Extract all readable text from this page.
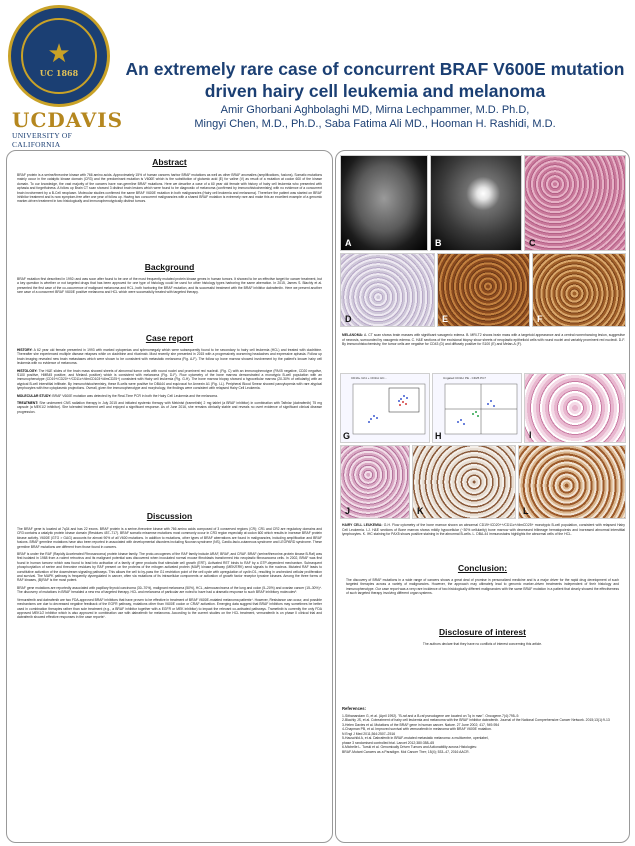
★
UC 1868
UCDAVIS
UNIVERSITY OF CALIFORNIA
An extremely rare case of concurrent BRAF V600E mutation
driven hairy cell leukemia and melanoma
Amir Ghorbani Aghbolaghi MD, Mirna Lechpammer, M.D. Ph.D,
Mingyi Chen, M.D., Ph.D., Saba Fatima Ali MD., Hooman H. Rashidi, M.D.

Abstract

BRAF protein is a serine/threonine kinase with 766 amino acids. Approximately 15% of human cancers harbor BRAF mutations as well as other BRAF anomalies (amplifications, fusions). Somatic mutations mainly occur in the catalytic kinase domain (CR3) and the predominant mutation is V600E which is the substitution of glutamic acid (E) for valine (V) as result of a mutation at codon 600 of the kinase domain. To our knowledge, the vast majority of the cancers have non-germline BRAF mutations. Here we describe a case of a 60 year old female with history of hairy cell leukemia who presented with aphasia and forgetfulness. A follow up Brain CT scan showed 3 distinct brain lesions which were found to be diagnostic of melanoma (confirmed by immunohistochemistry) with no evidence of a concurrent brain involvement by a B-Cell neoplasm. Molecular studies confirmed the same BRAF V600E mutation in both malignancies (Hairy cell leukemia and melanoma). Therefore the patient was started on BRAF inhibitor treatment and is now symptom-free after one year of follow up. Having two concurrent malignancies with a shared BRAF mutation is extremely rare and make this an excellent example of a genomic marker-driven treatment in two histologically and immunophenotypically distinct tumors.

Background

BRAF mutation first described in 1992¹ and was soon after found to be one of the most frequently mutated protein kinase genes in human tumors. It showed to be an effective target for cancer treatment, but a key question is whether or not targeted drugs that has been approved for one type of histology could be used for other histology types harboring the same aberration. In 2015, James S. Blachly et al. presented the first case of the co-occurrence of malignant melanoma and HCL, both harboring the BRAF mutation, and its successful treatment with the BRAF inhibitor dabrafenib². Here we present another rare case of a concurrent BRAF V600E positive melanoma and HCL which were successfully treated with targeted therapy.

Case report

HISTORY: A 62 year old female presented in 1993 with marked cytopenias and splenomegaly which were subsequently found to be secondary to hairy cell leukemia (HCL) and treated with cladribine. Thereafter she experienced multiple disease relapses while on cladribine and rituximab. Most recently she presented in 2015 with a progressively worsening headaches and expressive aphasia. Follow up brain imaging revealed new brain metastases which were shown to be consistent with metastatic melanoma (Fig. A-F). The follow up bone marrow showed involvement by the patient's known hairy cell leukemia with no evidence of melanoma.

HISTOLOGY: The H&E slides of the brain mass showed sheets of abnormal tumor cells with round nuclei and prominent red nucleoli. (Fig. C) with an immunophenotype (PAX5 negative, CD20 negative, S100 positive, HMB45 positive, and MelanA positive) which is consistent with melanoma (Fig. D-F). Flow cytometry of the bone marrow demonstrated a monotypic B-cell population with an immunophenotype (CD19+/CD20++/CD11c+/dimCD103+/dimCD25+) consistent with Hairy cell leukemia (Fig. G-H). The bone marrow biopsy showed a hypocellular marrow (20-30% of cellularity) with an atypical B-cell interstitial infiltrate. By immunohistochemistry, these B-cells were positive for DBA44 and equivocal for Annexin A1 (Fig. I-L). Peripheral Blood Smear showed pancytopenia with rare atypical lymphocytes with few cytoplasmic projections. Overall, given the immunophenotype and morphology, the findings were consistent with relapsed Hairy Cell Leukemia.

MOLECULAR STUDY: BRAF V600E mutation was detected by the Real-Time PCR in both the Hairy Cell Leukemia and the melanoma.

TREATMENT: She underwent CNS radiation therapy in July 2015 and initiated systemic therapy with Mekinist (trametinib) 2 mg tablet (a BRAF inhibitor) in combination with Tafinlar (dabrafenib) 75 mg capsule (a MEK1/2 inhibitor). She tolerated treatment well and enjoyed a significant response. As of June 2016, she remains clinically stable and reveals no overt evidence of significant clinical disease progression.

Discussion

The BRAF gene is located at 7q34 and has 22 exons. BRAF protein is a serine-threonine kinase with 766 amino acids composed of 3 conserved regions (CR); CR1 and CR2 are regulatory domains and CR3 contains a catalytic protein kinase domain (Residues 457–717). BRAF somatic missense mutations most commonly occur in CR3 region especially at codon 600 which results in increase BRAF protein kinase activity. V600E (GTG > GAG) accounts for almost 90% of all V600 mutations. In addition to mutations, other types of BRAF aberrations are found in malignancies, including amplification and BRAF fusions. BRAF germline mutations have also been reported in associated with developmental disorders including Noonan syndrome (NS), Cardio-facio-cutaneous syndrome and LEOPARD syndrome. These germline BRAF mutations are different from those found in cancers.

BRAF is under the RAF (Rapidly Accelerated Fibrosarcoma) protein kinase family. The proto-oncogenes of the RAF family include ARAF, BRAF, and CRAF. BRAF (serine/threonine-protein kinase B-Raf) was first isolated in 1988 from a rodent retrovirus and its malignant potential was discovered when inoculated normal mouse fibroblasts transformed into neoplastic fibrosarcoma cells. In 2002, BRAF was first found in human tumors³ which was found to lead into activation of a family of gene products that stimulate cell growth (ERT). Activated RET binds to RAF by a GTP-dependent mechanism. Subsequent phosphorylation of serine and threonine residues by RAF present on the proteins of the mitogen activated protein (MAP) kinase pathway (MEK/ERK) send signals to the nucleus. Mutated RAF leads to constitutive activation of the downstream signaling pathways. This allows the cell to by-pass the G1 restriction point of the cell cycle with upregulation of cyclin D1, resulting in unchecked cellular proliferation and survival. The MAPK pathway is frequently dysregulated in cancer, often via mutations of its intracellular components or activation of growth factor receptor tyrosine kinases. Among the three forms of RAF kinases, (B)RAF is the most potent.

BRAF gene mutations are reportedly associated with papillary thyroid carcinoma (30–70%), malignant melanoma (50%), HCL, adenocarcinoma of the lung and colon (5–20%) and ovarian cancer (15–30%)⁴. The discovery of mutations in BRAF heralded a new era of targeted therapy. HCL and melanoma of particular are noted to have had a dramatic response to such BRAF inhibitory molecules⁵.

Vemurafenib and dabrafenib are two FDA-approved BRAF inhibitors that have proven to be effective in treatment of BRAF V600E-mutated melanoma patients⁴. However, Resistance can occur, and possible mechanisms are due to decreased negative feedback of the EGFR pathway, mutations other than V600E codon or CRAF activation. Emerging data suggest that BRAF inhibitors may sometimes be better used in combination therapies rather than sole treatment (e.g., a BRAF inhibitor together with a EGFR or MEK inhibitor) to impact the relevant co-activated pathways. Trametinib is currently the only FDA approved MEK1/2 inhibitor which is also approved in combination use with dabrafenib for melanoma. According to the current studies on the HCL treatment, vemurafenib is on phase II clinical trial and dabrafenib showed effective responses in the case reports⁶.

A	B	C
D	E	F

MELANOMA: A. CT scan shows brain masses with significant vasogenic edema. B. MRI-T2 shows brain mass with a targetoid appearance and a central nonenhancing lesion, suggestive of necrosis, surrounded by vasogenic edema. C. H&E sections of the excisional biopsy show sheets of neoplastic epithelioid cells with round nuclei and variably prominent red nucleoli. D-F. By immunohistochemistry, the tumor cells are negative for CD43 (D) and diffusely positive for S100 (E) and Melan-A (F).

CD19+ Gh1 + CD11c HC...
G
Ungated CD11c PE - CD25 PC7
H	I
J	K	L

HAIRY CELL LEUKEMIA: G-H. Flow cytometry of the bone marrow shown an abnormal CD19+/CD20++/CD11c+/dimCD25+ monotypic B-cell population, consistent with relapsed Hairy Cell Leukemia. I-J. H&E sections of Bone marrow shows mildly hypocellular (~30% cellularity) bone marrow with decreased trilineage hematopoiesis and increased abnormal interstitial lymphocytes. K. IHC staining for PAX5 shows positive staining in the abnormal B-cells. L. DBA-44 immunostains highlights the abnormal cells of the HCL.

Conclusion:

The discovery of BRAF mutations in a wide range of cancers shows a great deal of promise in personalized medicine and is a major driver for the rapid drug development of such targeted therapies across a variety of malignancies. However, the approach may ultimately lead to genomic marker-driven treatments independent of their histology and immunophenotype. Our case report was a very rare incidence of two histologically different malignancies with the same BRAF mutation in a patient that clearly showed the effectiveness of such targeted therapy involving different organ systems.

Disclosure of interest

The authors declare that they have no conflicts of interest concerning this article.

References:

1-Sithanandam G, et al. (April 1992). "B-raf and a B-raf pseudogene are located on 7q in man". Oncogene.7(4):795–9.

2-Blachly JS, et al. Cotreatment of hairy cell leukemia and melanoma with the BRAF inhibitor dabrafenib. Journal of the National Comprehensive Cancer Network. 2015;13(1):9-13

3-Helen Davies et al. Mutations of the BRAF gene in human cancer. Nature. 27 June 2002; 417, 949-954

4-Chapman PB, et al. Improved survival with vemurafenib in melanoma with BRAF V600E mutation.

N Engl J Med 2011;364:2507–2516

5-Hauschild A, et al. Dabrafenib in BRAF-mutated metastatic melanoma: a multicentre, openlabel,

phase 3 randomised controlled trial. Lancet 2012;380:358–65

6-Michelle L. Turski et al. Genomically Driven Tumors and Actionability across Histologies:

BRAF-Mutant Cancers as a Paradigm. Mol Cancer Ther; 15(4); 533–47, 2016 AACR.
